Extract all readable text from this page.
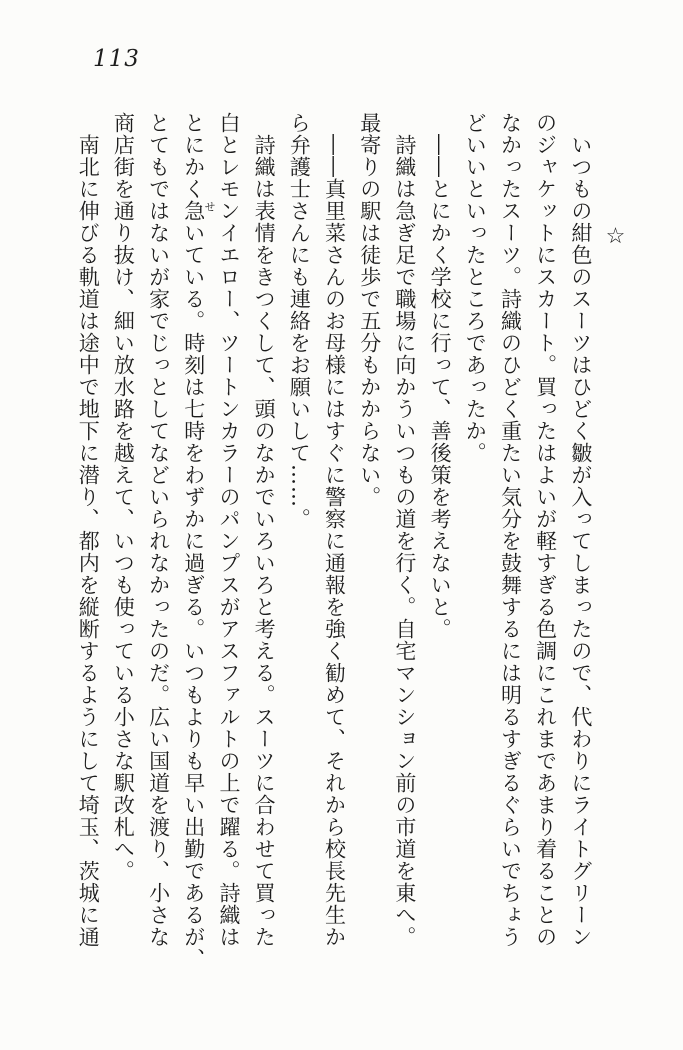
113
☆
いつもの紺色のスーツはひどく皺が入ってしまったので、代わりにライトグリーン
のジャケットにスカート。買ったはよいが軽すぎる色調にこれまであまり着ることの
なかったスーツ。詩織のひどく重たい気分を鼓舞するには明るすぎるぐらいでちょう
どいいといったところであったか。
――とにかく学校に行って、善後策を考えないと。
詩織は急ぎ足で職場に向かういつもの道を行く。自宅マンション前の市道を東へ。
最寄りの駅は徒歩で五分もかからない。
――真里菜さんのお母様にはすぐに警察に通報を強く勧めて、それから校長先生か
ら弁護士さんにも連絡をお願いして……。
詩織は表情をきつくして、頭のなかでいろいろと考える。スーツに合わせて買った
白とレモンイエロー、ツートンカラーのパンプスがアスファルトの上で躍る。詩織は
とにかく急いている。時刻は七時をわずかに過ぎる。いつもよりも早い出勤であるが、
とてもではないが家でじっとしてなどいられなかったのだ。広い国道を渡り、小さな
商店街を通り抜け、細い放水路を越えて、いつも使っている小さな駅改札へ。
南北に伸びる軌道は途中で地下に潜り、都内を縦断するようにして埼玉、茨城に通	せ
